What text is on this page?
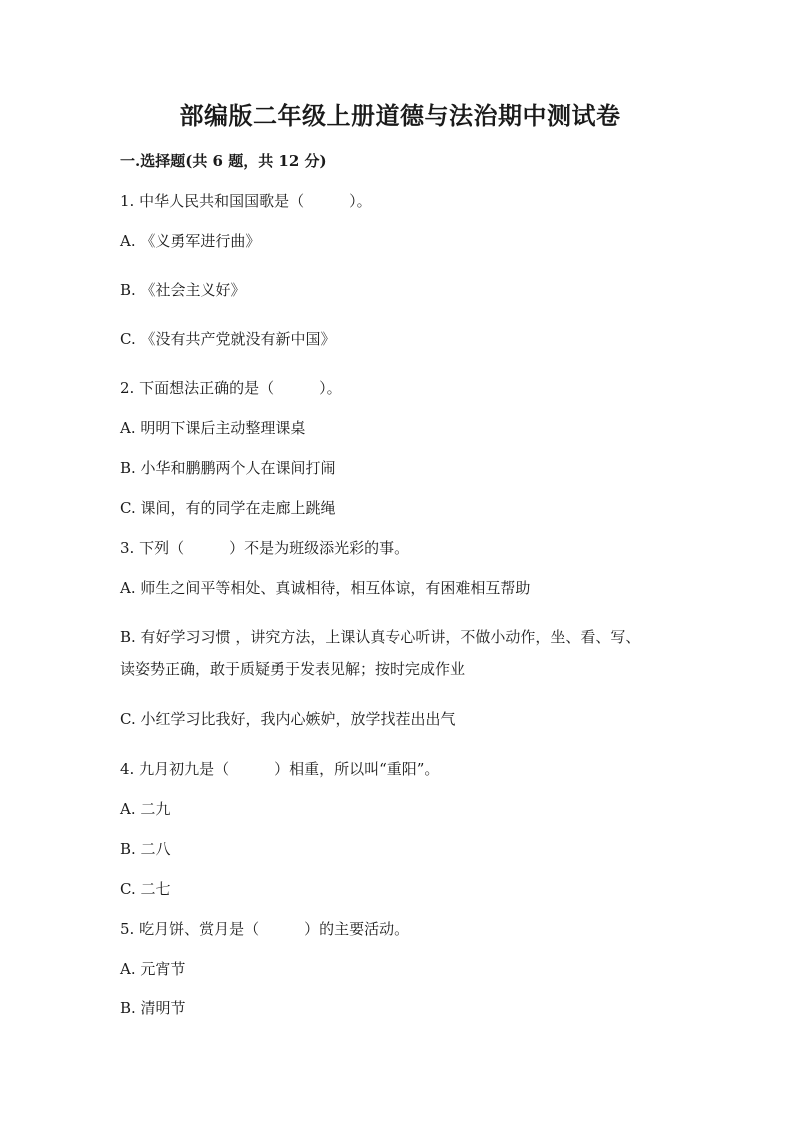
部编版二年级上册道德与法治期中测试卷
一.选择题(共 6 题，共 12 分)
1. 中华人民共和国国歌是（　　　）。
A. 《义勇军进行曲》
B. 《社会主义好》
C. 《没有共产党就没有新中国》
2. 下面想法正确的是（　　　）。
A. 明明下课后主动整理课桌
B. 小华和鹏鹏两个人在课间打闹
C. 课间，有的同学在走廊上跳绳
3. 下列（　　　）不是为班级添光彩的事。
A. 师生之间平等相处、真诚相待，相互体谅，有困难相互帮助
B. 有好学习习惯 ，讲究方法，上课认真专心听讲，不做小动作，坐、看、写、
读姿势正确，敢于质疑勇于发表见解；按时完成作业
C. 小红学习比我好，我内心嫉妒，放学找茬出出气
4. 九月初九是（　　　）相重，所以叫“重阳”。
A. 二九
B. 二八
C. 二七
5. 吃月饼、赏月是（　　　）的主要活动。
A. 元宵节
B. 清明节
